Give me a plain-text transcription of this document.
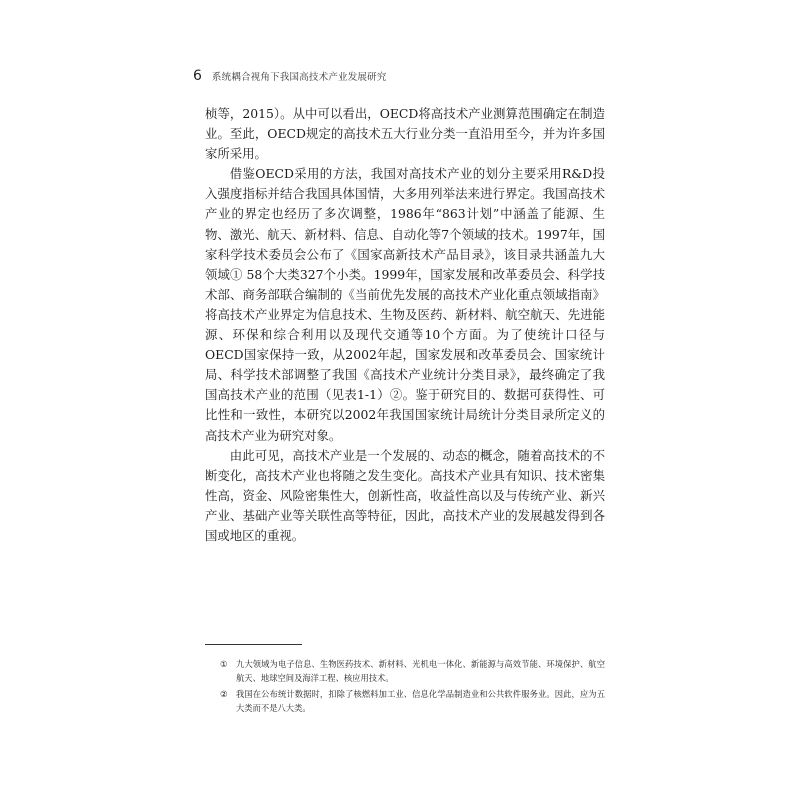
6 系统耦合视角下我国高技术产业发展研究

桢等，2015）。从中可以看出，OECD将高技术产业测算范围确定在制造业。至此，OECD规定的高技术五大行业分类一直沿用至今，并为许多国家所采用。

借鉴OECD采用的方法，我国对高技术产业的划分主要采用R&D投入强度指标并结合我国具体国情，大多用列举法来进行界定。我国高技术产业的界定也经历了多次调整，1986年“863计划”中涵盖了能源、生物、激光、航天、新材料、信息、自动化等7个领域的技术。1997年，国家科学技术委员会公布了《国家高新技术产品目录》，该目录共涵盖九大领域① 58个大类327个小类。1999年，国家发展和改革委员会、科学技术部、商务部联合编制的《当前优先发展的高技术产业化重点领域指南》将高技术产业界定为信息技术、生物及医药、新材料、航空航天、先进能源、环保和综合利用以及现代交通等10个方面。为了使统计口径与OECD国家保持一致，从2002年起，国家发展和改革委员会、国家统计局、科学技术部调整了我国《高技术产业统计分类目录》，最终确定了我国高技术产业的范围（见表1-1）②。鉴于研究目的、数据可获得性、可比性和一致性，本研究以2002年我国国家统计局统计分类目录所定义的高技术产业为研究对象。

由此可见，高技术产业是一个发展的、动态的概念，随着高技术的不断变化，高技术产业也将随之发生变化。高技术产业具有知识、技术密集性高，资金、风险密集性大，创新性高，收益性高以及与传统产业、新兴产业、基础产业等关联性高等特征，因此，高技术产业的发展越发得到各国或地区的重视。

①	九大领域为电子信息、生物医药技术、新材料、光机电一体化、新能源与高效节能、环境保护、航空航天、地球空间及海洋工程、核应用技术。
②	我国在公布统计数据时，扣除了核燃料加工业、信息化学品制造业和公共软件服务业。因此，应为五大类而不是八大类。
